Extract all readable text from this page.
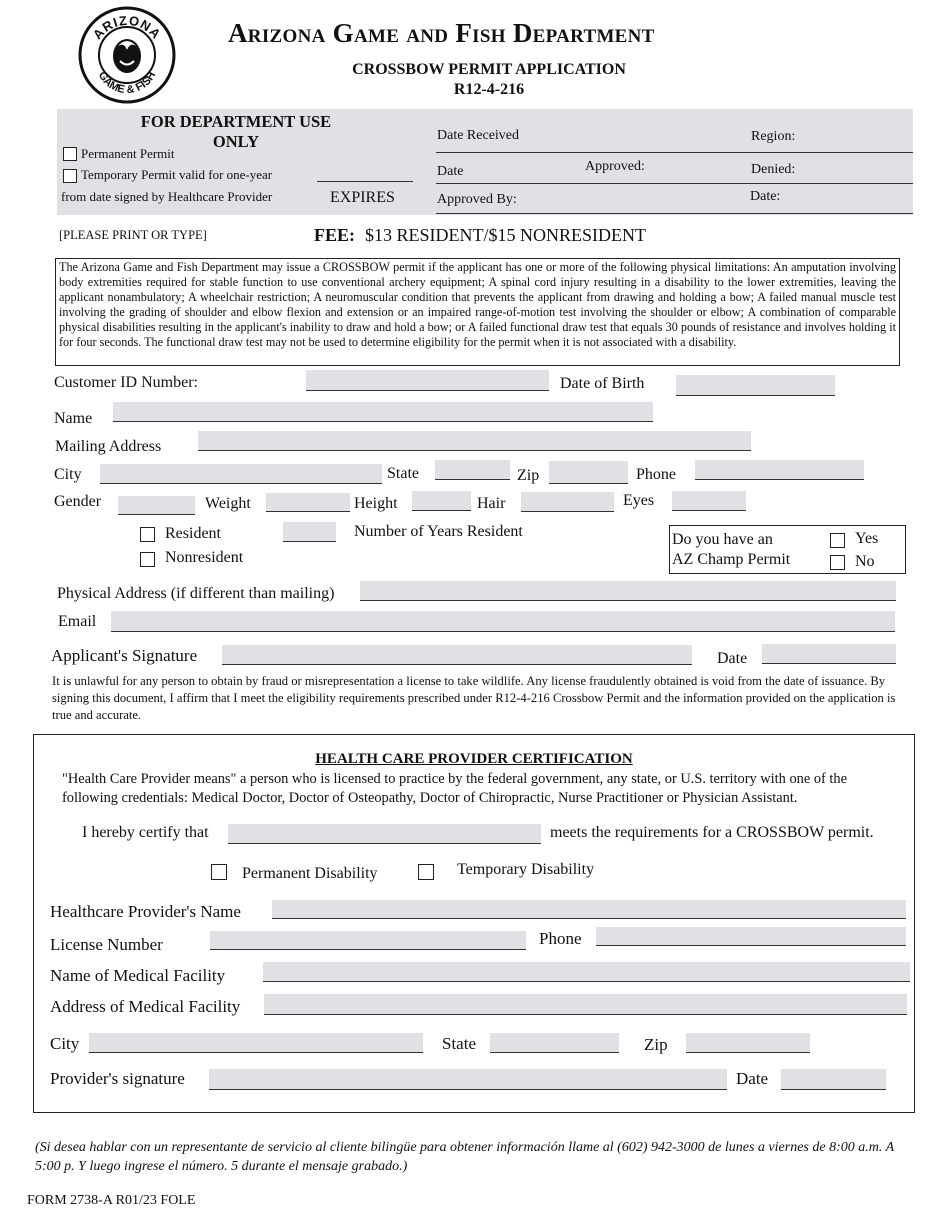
ARIZONA
GAME & FISH
Arizona Game and Fish Department
CROSSBOW PERMIT APPLICATION
R12-4-216
FOR DEPARTMENT USE ONLY
Permanent Permit
Temporary Permit valid for one-year
from date signed by Healthcare Provider	EXPIRES
Date Received	Region:
Date	Approved:	Denied:
Approved By:	Date:
[PLEASE PRINT OR TYPE]	FEE: $13 RESIDENT/$15 NONRESIDENT
The Arizona Game and Fish Department may issue a CROSSBOW permit if the applicant has one or more of the following physical limitations: An amputation involving body extremities required for stable function to use conventional archery equipment; A spinal cord injury resulting in a disability to the lower extremities, leaving the applicant nonambulatory; A wheelchair restriction; A neuromuscular condition that prevents the applicant from drawing and holding a bow; A failed manual muscle test involving the grading of shoulder and elbow flexion and extension or an impaired range-of-motion test involving the shoulder or elbow; A combination of comparable physical disabilities resulting in the applicant's inability to draw and hold a bow; or A failed functional draw test that equals 30 pounds of resistance and involves holding it for four seconds. The functional draw test may not be used to determine eligibility for the permit when it is not associated with a disability.
Customer ID Number:	Date of Birth
Name
Mailing Address
City	State	Zip	Phone
Gender	Weight	Height	Hair	Eyes
Resident
Nonresident
Number of Years Resident	Do you have an
AZ Champ Permit
Yes
No
Physical Address (if different than mailing)
Email
Applicant's Signature	Date
It is unlawful for any person to obtain by fraud or misrepresentation a license to take wildlife. Any license fraudulently obtained is void from the date of issuance. By signing this document, I affirm that I meet the eligibility requirements prescribed under R12-4-216 Crossbow Permit and the information provided on the application is true and accurate.
HEALTH CARE PROVIDER CERTIFICATION
"Health Care Provider means" a person who is licensed to practice by the federal government, any state, or U.S. territory with one of the following credentials: Medical Doctor, Doctor of Osteopathy, Doctor of Chiropractic, Nurse Practitioner or Physician Assistant.
I hereby certify that	meets the requirements for a CROSSBOW permit.
Permanent Disability	Temporary Disability
Healthcare Provider's Name
License Number	Phone
Name of Medical Facility
Address of Medical Facility
City	State	Zip
Provider's signature	Date
(Si desea hablar con un representante de servicio al cliente bilingüe para obtener información llame al (602) 942-3000 de lunes a viernes de 8:00 a.m. A 5:00 p. Y luego ingrese el número. 5 durante el mensaje grabado.)
FORM 2738-A R01/23 FOLE
